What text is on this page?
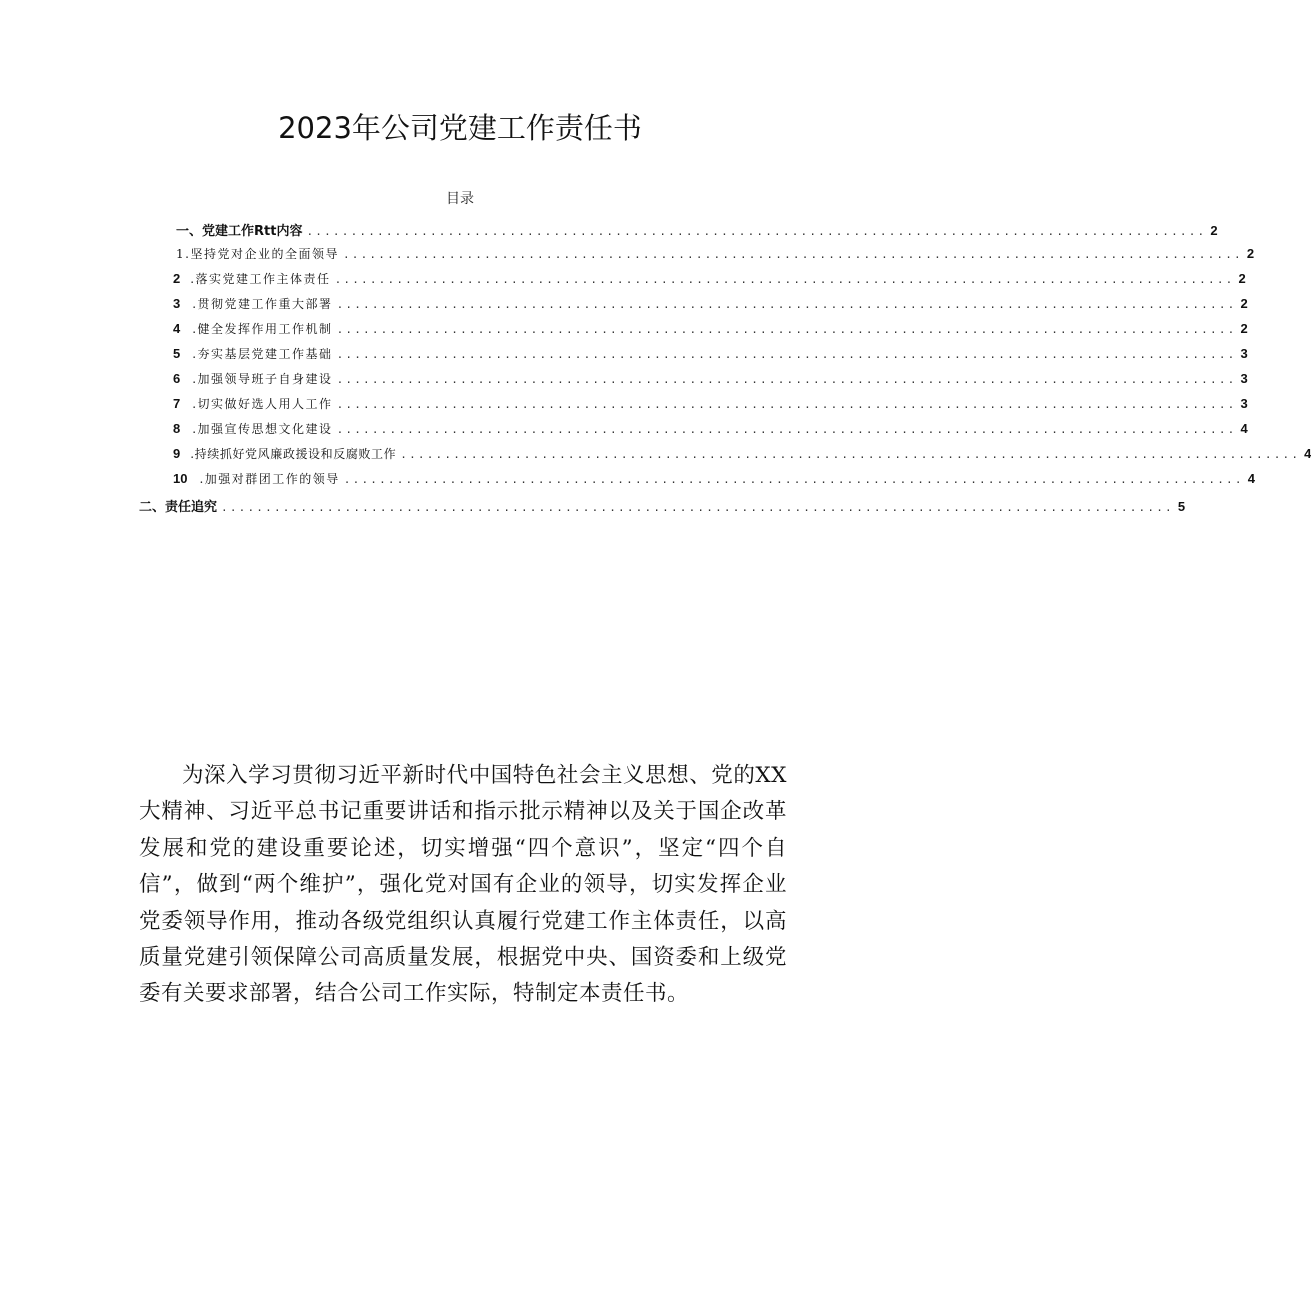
2023年公司党建工作责任书
目录
一、党建工作Rtt内容 ...................................................................................................... 2
1.坚持党对企业的全面领导 ...................................................................................................... 2
2 .落实党建工作主体责任 ...................................................................................................... 2
3 .贯彻党建工作重大部署 ...................................................................................................... 2
4 .健全发挥作用工作机制 ...................................................................................................... 2
5 .夯实基层党建工作基础 ...................................................................................................... 3
6 .加强领导班子自身建设 ...................................................................................................... 3
7 .切实做好选人用人工作 ...................................................................................................... 3
8 .加强宣传思想文化建设 ...................................................................................................... 4
9 .持续抓好党风廉政援设和反腐败工作 ...................................................................................................... 4
10 .加强对群团工作的领导 ...................................................................................................... 4
二、责任追究 ............................................................................................................ 5
为深入学习贯彻习近平新时代中国特色社会主义思想、党的XX大精神、习近平总书记重要讲话和指示批示精神以及关于国企改革发展和党的建设重要论述，切实增强“四个意识”，坚定“四个自信”，做到“两个维护”，强化党对国有企业的领导，切实发挥企业党委领导作用，推动各级党组织认真履行党建工作主体责任，以高质量党建引领保障公司高质量发展，根据党中央、国资委和上级党委有关要求部署，结合公司工作实际，特制定本责任书。
